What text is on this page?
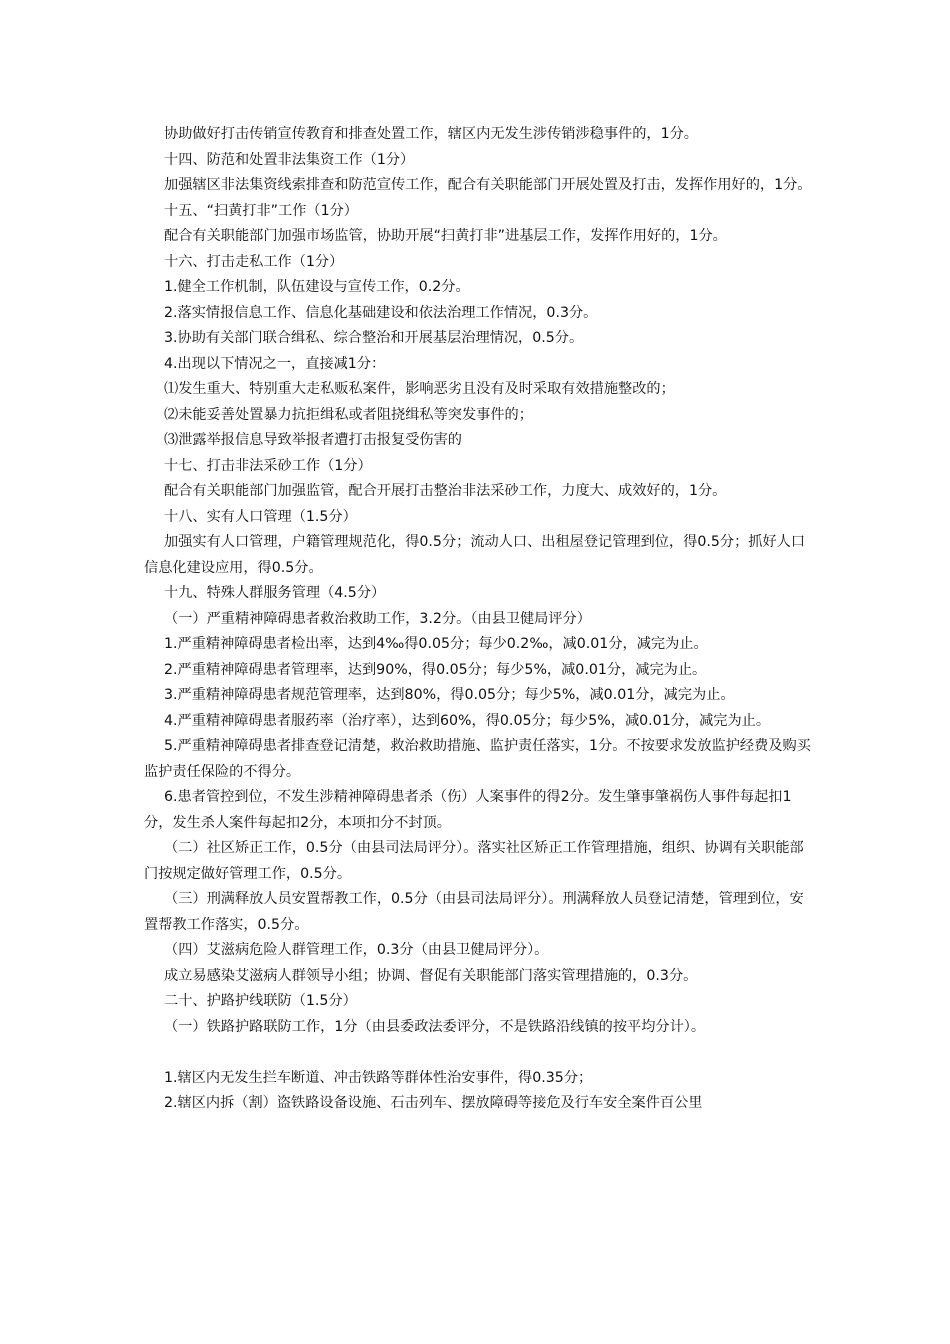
协助做好打击传销宣传教育和排查处置工作，辖区内无发生涉传销涉稳事件的，1分。

十四、防范和处置非法集资工作（1分）

加强辖区非法集资线索排查和防范宣传工作，配合有关职能部门开展处置及打击，发挥作用好的，1分。

十五、“扫黄打非”工作（1分）

配合有关职能部门加强市场监管，协助开展“扫黄打非”进基层工作，发挥作用好的，1分。

十六、打击走私工作（1分）

1.健全工作机制，队伍建设与宣传工作，0.2分。

2.落实情报信息工作、信息化基础建设和依法治理工作情况，0.3分。

3.协助有关部门联合缉私、综合整治和开展基层治理情况，0.5分。

4.出现以下情况之一，直接减1分：

⑴发生重大、特别重大走私贩私案件，影响恶劣且没有及时采取有效措施整改的；

⑵未能妥善处置暴力抗拒缉私或者阻挠缉私等突发事件的；

⑶泄露举报信息导致举报者遭打击报复受伤害的

十七、打击非法采砂工作（1分）

配合有关职能部门加强监管，配合开展打击整治非法采砂工作，力度大、成效好的，1分。

十八、实有人口管理（1.5分）

加强实有人口管理，户籍管理规范化，得0.5分；流动人口、出租屋登记管理到位，得0.5分；抓好人口信息化建设应用，得0.5分。

十九、特殊人群服务管理（4.5分）

（一）严重精神障碍患者救治救助工作，3.2分。（由县卫健局评分）

1.严重精神障碍患者检出率，达到4‰得0.05分；每少0.2‰，减0.01分，减完为止。

2.严重精神障碍患者管理率，达到90%，得0.05分；每少5%，减0.01分，减完为止。

3.严重精神障碍患者规范管理率，达到80%，得0.05分；每少5%，减0.01分，减完为止。

4.严重精神障碍患者服药率（治疗率），达到60%，得0.05分；每少5%，减0.01分，减完为止。

5.严重精神障碍患者排查登记清楚，救治救助措施、监护责任落实，1分。不按要求发放监护经费及购买监护责任保险的不得分。

6.患者管控到位，不发生涉精神障碍患者杀（伤）人案事件的得2分。发生肇事肇祸伤人事件每起扣1分，发生杀人案件每起扣2分，本项扣分不封顶。

（二）社区矫正工作，0.5分（由县司法局评分）。落实社区矫正工作管理措施，组织、协调有关职能部门按规定做好管理工作，0.5分。

（三）刑满释放人员安置帮教工作，0.5分（由县司法局评分）。刑满释放人员登记清楚，管理到位，安置帮教工作落实，0.5分。

（四）艾滋病危险人群管理工作，0.3分（由县卫健局评分）。

成立易感染艾滋病人群领导小组；协调、督促有关职能部门落实管理措施的，0.3分。

二十、护路护线联防（1.5分）

（一）铁路护路联防工作，1分（由县委政法委评分，不是铁路沿线镇的按平均分计）。

1.辖区内无发生拦车断道、冲击铁路等群体性治安事件，得0.35分；

2.辖区内拆（割）盗铁路设备设施、石击列车、摆放障碍等接危及行车安全案件百公里
